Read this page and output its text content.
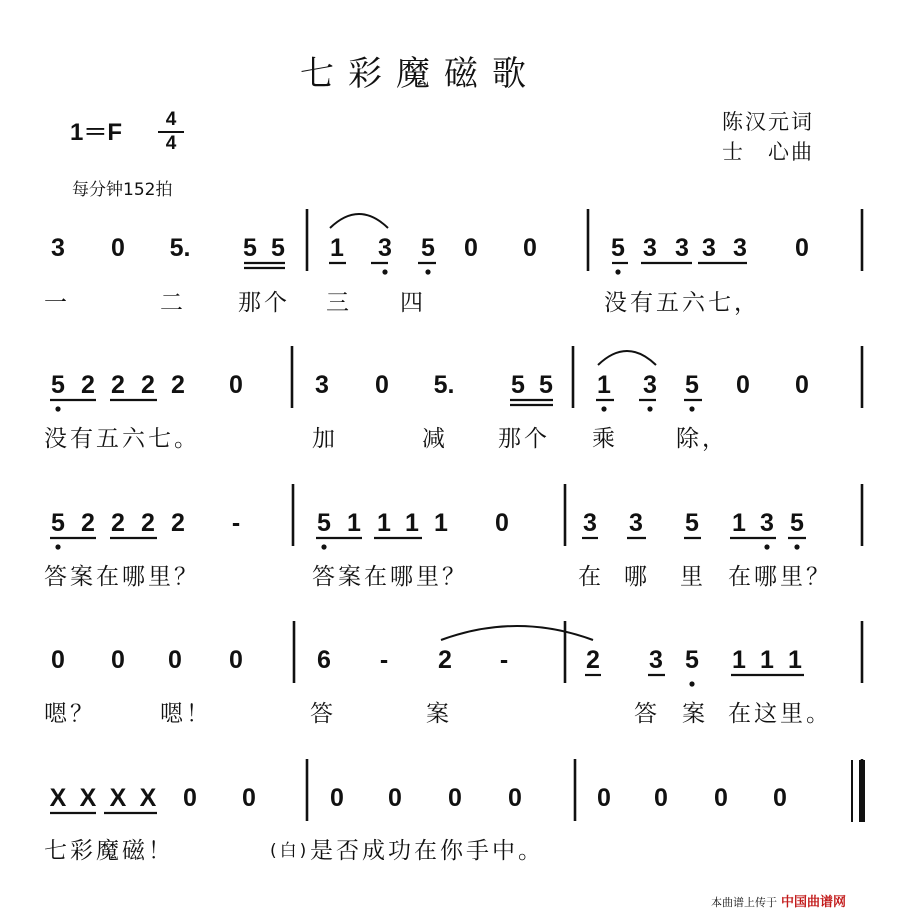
七彩魔磁歌
1＝F	4
4
陈汉元词
士　心曲
每分钟152拍
一	二 那个 三 四	没有五六七，
没有五六七。	加	减 那个 乘	除，
答案在哪里？	答案在哪里？	在 哪 里 在哪里？
嗯？	嗯！	答	案	答 案 在这里。
七彩魔磁！	(白) 是否成功在你手中。
3 0 5. 5 5 1 3 5 0 0	5 3 3 3 3 0
5 2 2 2 2 0	3 0 5. 5 5 1 3 5 0 0
5 2 2 2 2 -	5 1 1 1 1 0	3 3 5 1 3 5
0 0 0 0	6 - 2 -	2 3 5 1 1 1
X X X X 0 0	0 0 0 0	0 0 0 0
本曲谱上传于 中国曲谱网
